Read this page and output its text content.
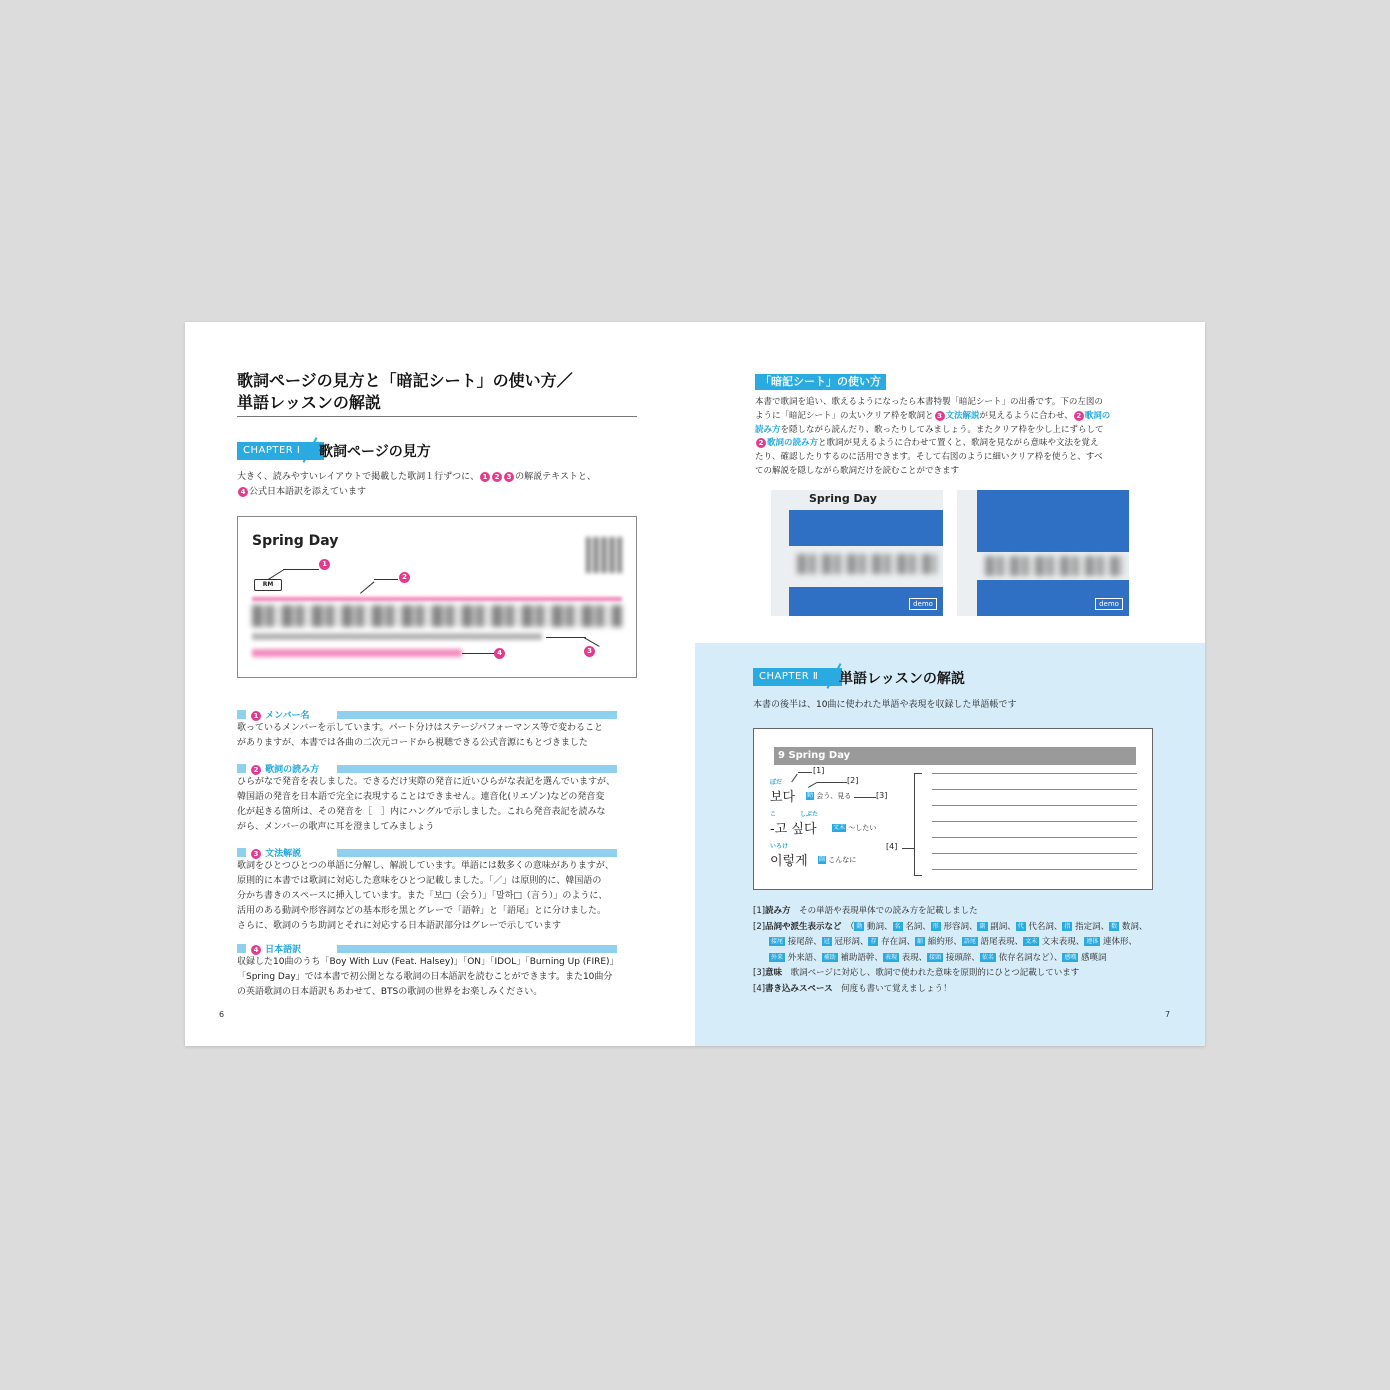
歌詞ページの見方と「暗記シート」の使い方／
単語レッスンの解説
CHAPTER Ⅰ	歌詞ページの見方
大きく、読みやすいレイアウトで掲載した歌詞１行ずつに、 1 2 3 の解説テキストと、
4 公式日本語訳を添えています
Spring Day
RM
1
2
3
4
1 メンバー名
歌っているメンバーを示しています。パート分けはステージパフォーマンス等で変わること
がありますが、本書では各曲の二次元コードから視聴できる公式音源にもとづきました
2 歌詞の読み方
ひらがなで発音を表しました。できるだけ実際の発音に近いひらがな表記を選んでいますが、
韓国語の発音を日本語で完全に表現することはできません。連音化(リエゾン)などの発音変
化が起きる箇所は、その発音を［　］内にハングルで示しました。これら発音表記を読みな
がら、メンバーの歌声に耳を澄ましてみましょう
3 文法解説
歌詞をひとつひとつの単語に分解し、解説しています。単語には数多くの意味がありますが、
原則的に本書では歌詞に対応した意味をひとつ記載しました。「／」は原則的に、韓国語の
分かち書きのスペースに挿入しています。また「보□（会う）」「말하□（言う）」のように、
活用のある動詞や形容詞などの基本形を黒とグレーで「語幹」と「語尾」とに分けました。
さらに、歌詞のうち助詞とそれに対応する日本語訳部分はグレーで示しています
4 日本語訳
収録した10曲のうち「Boy With Luv (Feat. Halsey)」「ON」「IDOL」「Burning Up (FIRE)」
「Spring Day」では本書で初公開となる歌詞の日本語訳を読むことができます。また10曲分
の英語歌詞の日本語訳もあわせて、BTSの歌詞の世界をお楽しみください。
6
「暗記シート」の使い方
本書で歌詞を追い、歌えるようになったら本書特製「暗記シート」の出番です。下の左図の
ように「暗記シート」の太いクリア枠を歌詞と 3 文法解説が見えるように合わせ、 2 歌詞の
読み方を隠しながら読んだり、歌ったりしてみましょう。またクリア枠を少し上にずらして
2 歌詞の読み方と歌詞が見えるように合わせて置くと、歌詞を見ながら意味や文法を覚え
たり、確認したりするのに活用できます。そして右図のように細いクリア枠を使うと、すべ
ての解説を隠しながら歌詞だけを読むことができます
Spring Day
demo	demo
CHAPTER Ⅱ	単語レッスンの解説
本書の後半は、10曲に使われた単語や表現を収録した単語帳です
9 Spring Day
ぼだ
보다 動 会う、見る
[1]
[2]
[3]
こ	しぷた
-고 싶다	文末 〜したい
いろけ
이렇게 副 こんなに
[4]
[1]読み方　 その単語や表現単体での読み方を記載しました
[2]品詞や派生表示など　（ 動 動詞、 名 名詞、 形 形容詞、 副 副詞、 代 代名詞、 指 指定詞、 数 数詞、
接尾 接尾辞、 冠 冠形詞、 存 存在詞、 縮 縮約形、 語尾 語尾表現、 文末 文末表現、 連体 連体形、
外来 外来語、 補助 補助語幹、 表現 表現、 接頭 接頭辞、 依名 依存名詞など）、 感嘆 感嘆詞
[3]意味　 歌詞ページに対応し、歌詞で使われた意味を原則的にひとつ記載しています
[4]書き込みスペース　 何度も書いて覚えましょう！
7
